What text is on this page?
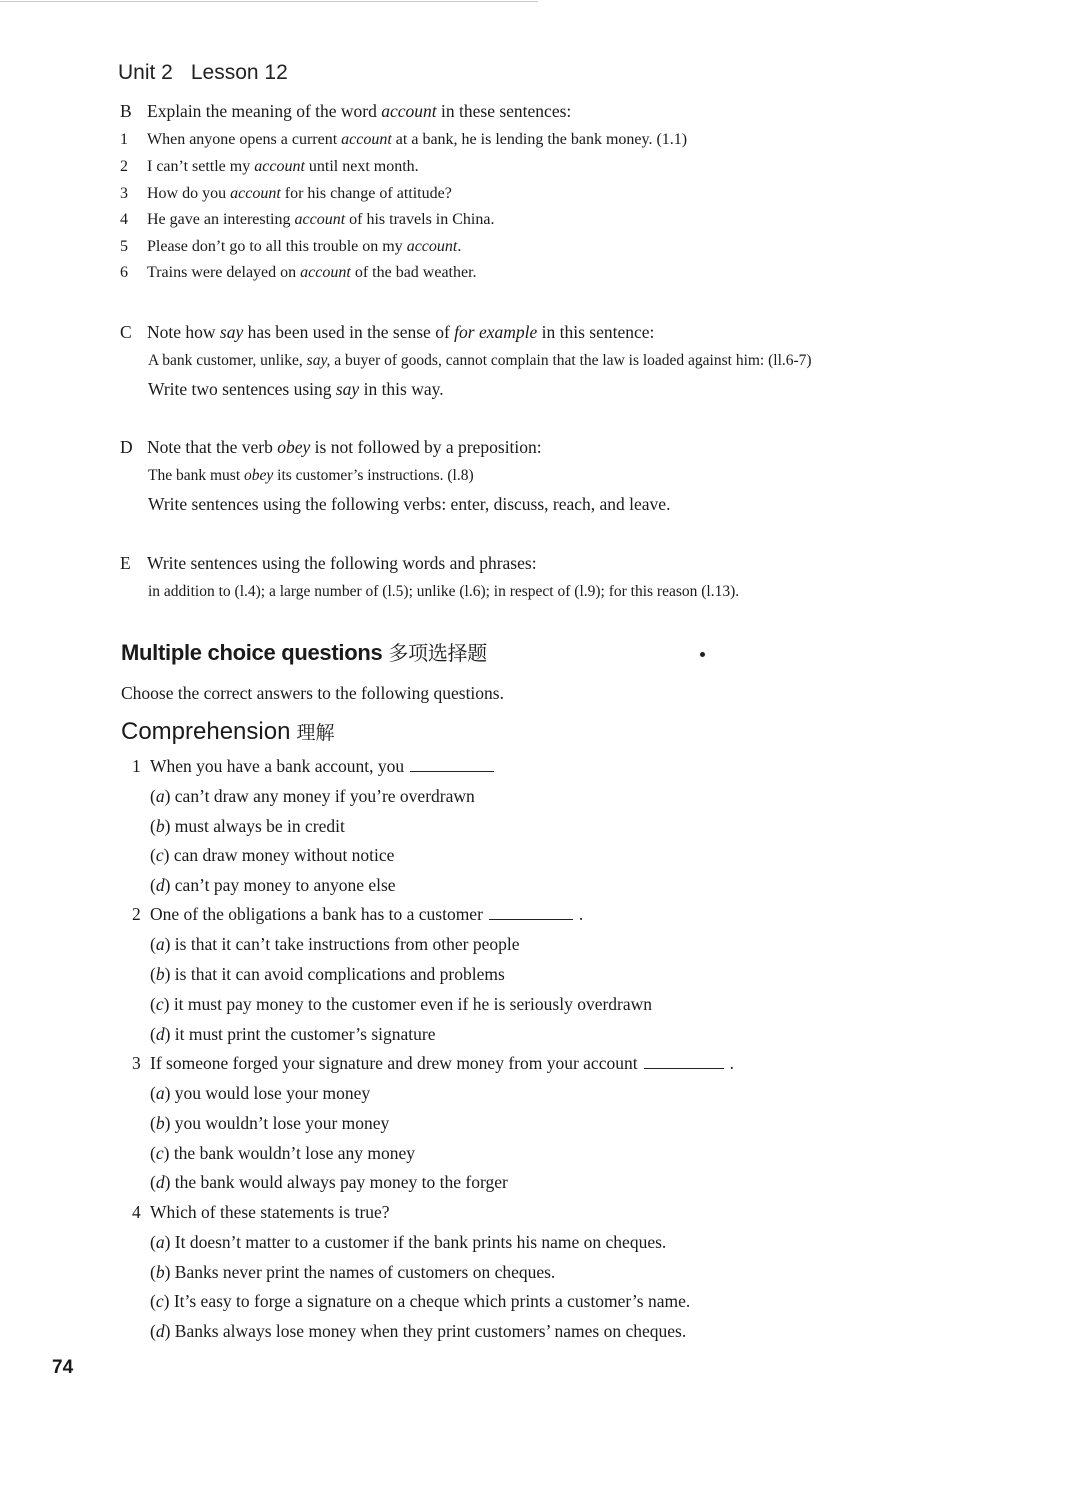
Unit 2 Lesson 12
B Explain the meaning of the word account in these sentences:
1 When anyone opens a current account at a bank, he is lending the bank money. (1.1)
2 I can’t settle my account until next month.
3 How do you account for his change of attitude?
4 He gave an interesting account of his travels in China.
5 Please don’t go to all this trouble on my account.
6 Trains were delayed on account of the bad weather.
C Note how say has been used in the sense of for example in this sentence:
A bank customer, unlike, say, a buyer of goods, cannot complain that the law is loaded against him: (ll.6-7)
Write two sentences using say in this way.
D Note that the verb obey is not followed by a preposition:
The bank must obey its customer’s instructions. (l.8)
Write sentences using the following verbs: enter, discuss, reach, and leave.
E Write sentences using the following words and phrases:
in addition to (l.4); a large number of (l.5); unlike (l.6); in respect of (l.9); for this reason (l.13).
Multiple choice questions 多项选择题
Choose the correct answers to the following questions.
Comprehension 理解
1 When you have a bank account, you
(a) can’t draw any money if you’re overdrawn
(b) must always be in credit
(c) can draw money without notice
(d) can’t pay money to anyone else
2 One of the obligations a bank has to a customer	.
(a) is that it can’t take instructions from other people
(b) is that it can avoid complications and problems
(c) it must pay money to the customer even if he is seriously overdrawn
(d) it must print the customer’s signature
3 If someone forged your signature and drew money from your account	.
(a) you would lose your money
(b) you wouldn’t lose your money
(c) the bank wouldn’t lose any money
(d) the bank would always pay money to the forger
4 Which of these statements is true?
(a) It doesn’t matter to a customer if the bank prints his name on cheques.
(b) Banks never print the names of customers on cheques.
(c) It’s easy to forge a signature on a cheque which prints a customer’s name.
(d) Banks always lose money when they print customers’ names on cheques.
74
